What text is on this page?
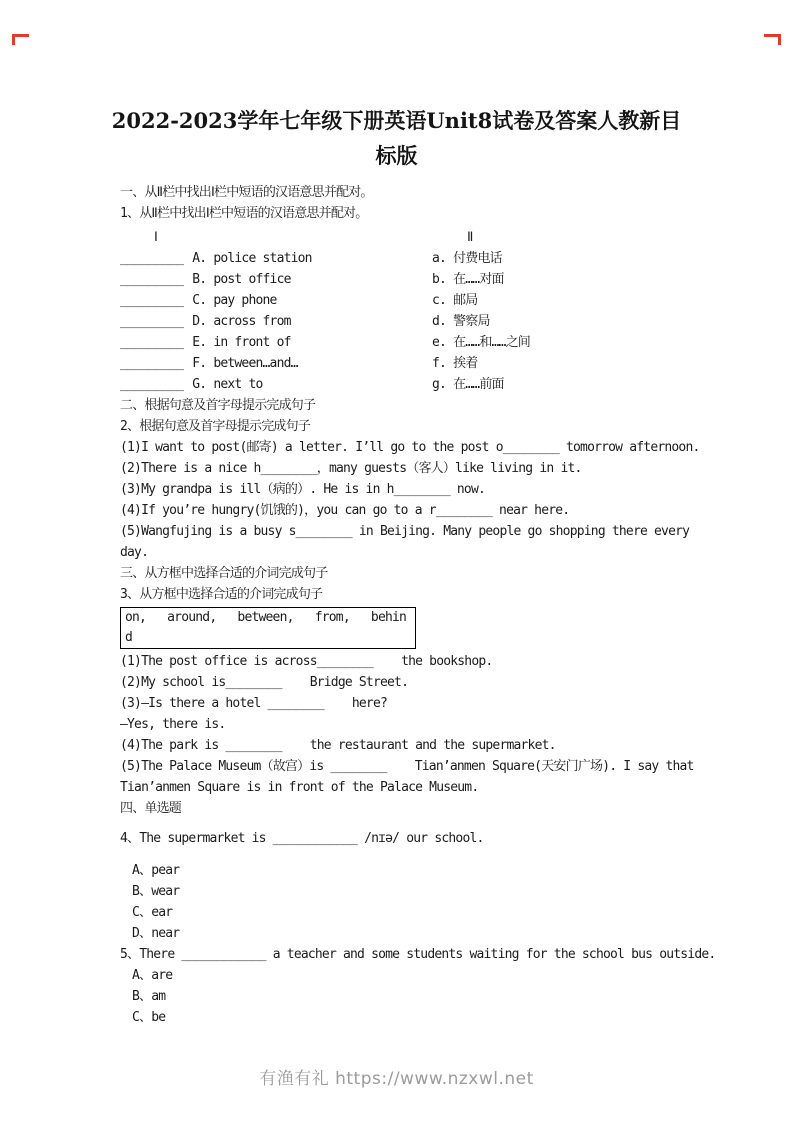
2022-2023学年七年级下册英语Unit8试卷及答案人教新目
标版
一、从Ⅱ栏中找出Ⅰ栏中短语的汉语意思并配对。
1、从Ⅱ栏中找出Ⅰ栏中短语的汉语意思并配对。
Ⅰ	Ⅱ
_________ A. police station	a. 付费电话
_________ B. post office	b. 在……对面
_________ C. pay phone	c. 邮局
_________ D. across from	d. 警察局
_________ E. in front of	e. 在……和……之间
_________ F. between…and…	f. 挨着
_________ G. next to	g. 在……前面
二、根据句意及首字母提示完成句子
2、根据句意及首字母提示完成句子
(1)I want to post(邮寄) a letter. I’ll go to the post o________ tomorrow afternoon.
(2)There is a nice h________，many guests（客人）like living in it.
(3)My grandpa is ill（病的）. He is in h________ now.
(4)If you’re hungry(饥饿的)，you can go to a r________ near here.
(5)Wangfujing is a busy s________ in Beijing. Many people go shopping there every day.
三、从方框中选择合适的介词完成句子
3、从方框中选择合适的介词完成句子
on,   around,   between,   from,   behin
d
(1)The post office is across________    the bookshop.
(2)My school is________    Bridge Street.
(3)—Is there a hotel ________    here?
—Yes, there is.
(4)The park is ________    the restaurant and the supermarket.
(5)The Palace Museum（故宫）is ________    Tian’anmen Square(天安门广场). I say that Tian’anmen Square is in front of the Palace Museum.
四、单选题
4、The supermarket is ____________ /nɪə/ our school.
A、pear
B、wear
C、ear
D、near
5、There ____________ a teacher and some students waiting for the school bus outside.
A、are
B、am
C、be
有渔有礼 https://www.nzxwl.net
